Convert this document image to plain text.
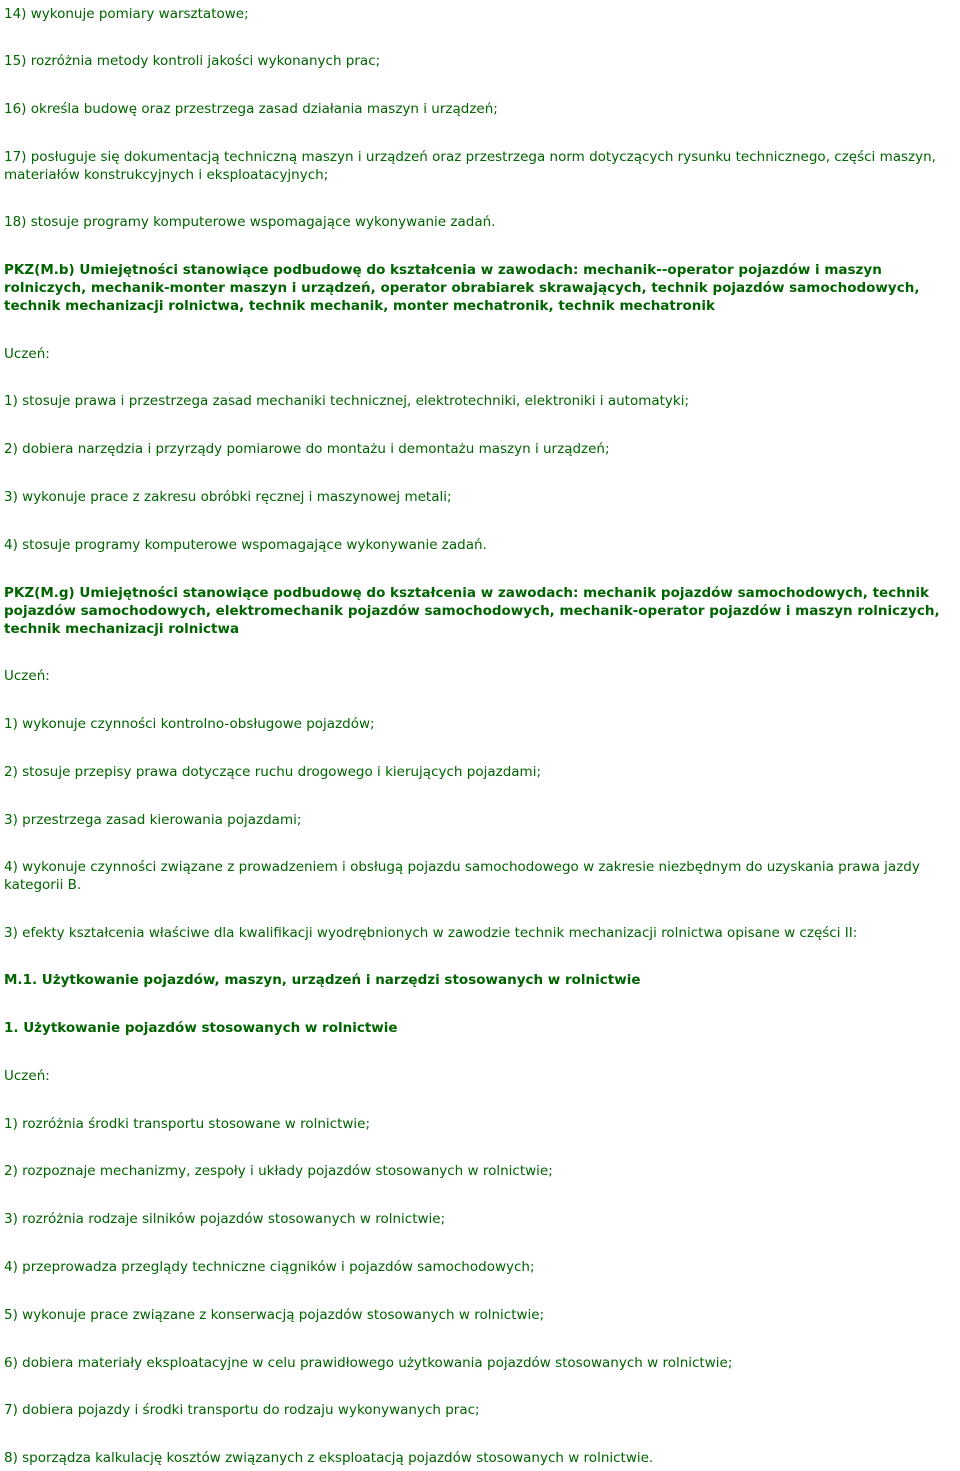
14) wykonuje pomiary warsztatowe;
15) rozróżnia metody kontroli jakości wykonanych prac;
16) określa budowę oraz przestrzega zasad działania maszyn i urządzeń;
17) posługuje się dokumentacją techniczną maszyn i urządzeń oraz przestrzega norm dotyczących rysunku technicznego, części maszyn, materiałów konstrukcyjnych i eksploatacyjnych;
18) stosuje programy komputerowe wspomagające wykonywanie zadań.
PKZ(M.b) Umiejętności stanowiące podbudowę do kształcenia w zawodach: mechanik--operator pojazdów i maszyn rolniczych, mechanik-monter maszyn i urządzeń, operator obrabiarek skrawających, technik pojazdów samochodowych, technik mechanizacji rolnictwa, technik mechanik, monter mechatronik, technik mechatronik
Uczeń:
1) stosuje prawa i przestrzega zasad mechaniki technicznej, elektrotechniki, elektroniki i automatyki;
2) dobiera narzędzia i przyrządy pomiarowe do montażu i demontażu maszyn i urządzeń;
3) wykonuje prace z zakresu obróbki ręcznej i maszynowej metali;
4) stosuje programy komputerowe wspomagające wykonywanie zadań.
PKZ(M.g) Umiejętności stanowiące podbudowę do kształcenia w zawodach: mechanik pojazdów samochodowych, technik pojazdów samochodowych, elektromechanik pojazdów samochodowych, mechanik-operator pojazdów i maszyn rolniczych, technik mechanizacji rolnictwa
Uczeń:
1) wykonuje czynności kontrolno-obsługowe pojazdów;
2) stosuje przepisy prawa dotyczące ruchu drogowego i kierujących pojazdami;
3) przestrzega zasad kierowania pojazdami;
4) wykonuje czynności związane z prowadzeniem i obsługą pojazdu samochodowego w zakresie niezbędnym do uzyskania prawa jazdy kategorii B.
3) efekty kształcenia właściwe dla kwalifikacji wyodrębnionych w zawodzie technik mechanizacji rolnictwa opisane w części II:
M.1. Użytkowanie pojazdów, maszyn, urządzeń i narzędzi stosowanych w rolnictwie
1. Użytkowanie pojazdów stosowanych w rolnictwie
Uczeń:
1) rozróżnia środki transportu stosowane w rolnictwie;
2) rozpoznaje mechanizmy, zespoły i układy pojazdów stosowanych w rolnictwie;
3) rozróżnia rodzaje silników pojazdów stosowanych w rolnictwie;
4) przeprowadza przeglądy techniczne ciągników i pojazdów samochodowych;
5) wykonuje prace związane z konserwacją pojazdów stosowanych w rolnictwie;
6) dobiera materiały eksploatacyjne w celu prawidłowego użytkowania pojazdów stosowanych w rolnictwie;
7) dobiera pojazdy i środki transportu do rodzaju wykonywanych prac;
8) sporządza kalkulację kosztów związanych z eksploatacją pojazdów stosowanych w rolnictwie.
